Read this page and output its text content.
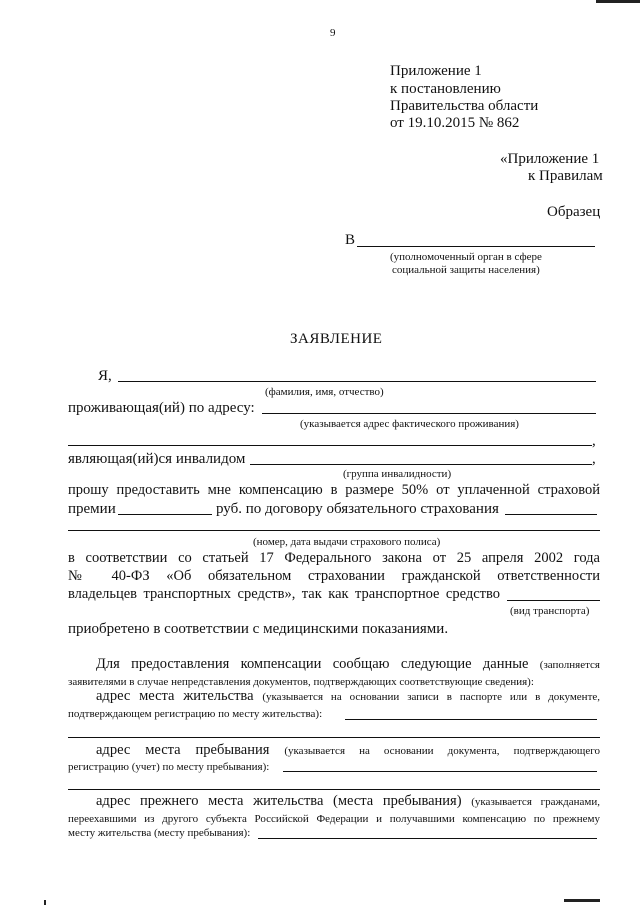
9
Приложение 1
к постановлению
Правительства области
от 19.10.2015 № 862
«Приложение 1
к Правилам
Образец
В
(уполномоченный орган в сфере
социальной защиты населения)
ЗАЯВЛЕНИЕ
Я,
(фамилия, имя, отчество)
проживающая(ий) по адресу:
(указывается адрес фактического проживания)
,
являющая(ий)ся инвалидом	,
(группа инвалидности)
прошу предоставить мне компенсацию в размере 50% от уплаченной страховой
премии	руб. по договору обязательного страхования
(номер, дата выдачи страхового полиса)
в соответствии со статьей 17 Федерального закона от 25 апреля 2002 года
№ 40-ФЗ «Об обязательном страховании гражданской ответственности
владельцев транспортных средств», так как транспортное средство
(вид транспорта)
приобретено в соответствии с медицинскими показаниями.
Для предоставления компенсации сообщаю следующие данные (заполняется
заявителями в случае непредставления документов, подтверждающих соответствующие сведения):
адрес места жительства (указывается на основании записи в паспорте или в документе,
подтверждающем регистрацию по месту жительства):
адрес места пребывания (указывается на основании документа, подтверждающего
регистрацию (учет) по месту пребывания):
адрес прежнего места жительства (места пребывания) (указывается гражданами,
переехавшими из другого субъекта Российской Федерации и получавшими компенсацию по прежнему
месту жительства (месту пребывания):
